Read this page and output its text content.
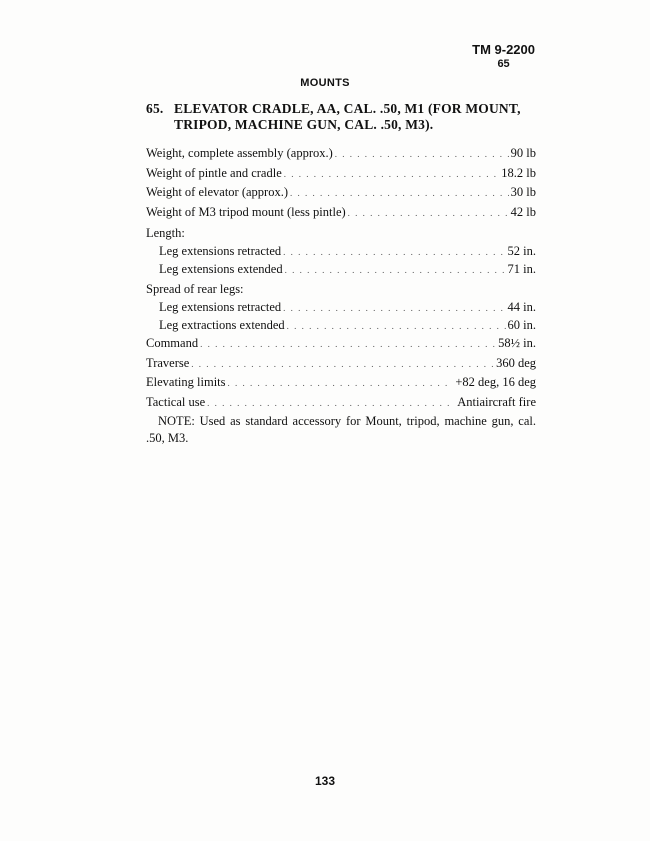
TM 9-2200
65
MOUNTS
65. ELEVATOR CRADLE, AA, CAL. .50, M1 (FOR MOUNT,
TRIPOD, MACHINE GUN, CAL. .50, M3).
Weight, complete assembly (approx.) . . .	90 lb
Weight of pintle and cradle . . .	18.2 lb
Weight of elevator (approx.) . . .	30 lb
Weight of M3 tripod mount (less pintle) . . .	42 lb
Length:
Leg extensions retracted . . .	52 in.
Leg extensions extended . . .	71 in.
Spread of rear legs:
Leg extensions retracted . . .	44 in.
Leg extractions extended . . .	60 in.
Command . . .	58½ in.
Traverse . . .	360 deg
Elevating limits . . .	+82 deg, 16 deg
Tactical use . . .	Antiaircraft fire
NOTE: Used as standard accessory for Mount, tripod, machine gun, cal. .50, M3.
133
